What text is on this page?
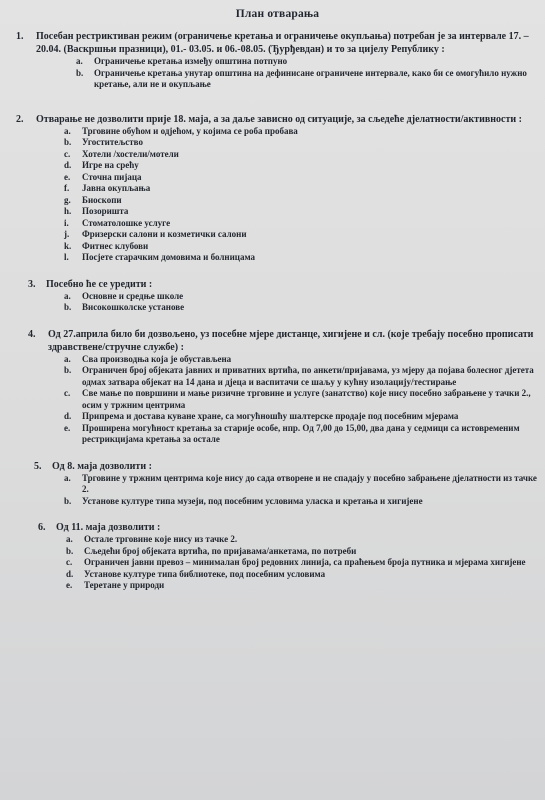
План отварања
1.	Посебан рестриктиван режим (ограничење кретања и ограничење окупљања) потребан је за интервале 17. – 20.04. (Васкршњи празници), 01.- 03.05. и 06.-08.05. (Ђурђевдан) и то за цијелу Републику :
a.	Ограничење кретања између општина потпуно
b.	Ограничење кретања унутар општина на дефинисане ограничене интервале, како би се омогућило нужно кретање, али не и окупљање
2.	Отварање не дозволити прије 18. маја, а за даље зависно од ситуације, за сљедеће дјелатности/активности :
a.	Трговине обућом и одјећом, у којима се роба пробава
b.	Угоститељство
c.	Хотели /хостели/мотели
d.	Игре на срећу
e.	Сточна пијаца
f.	Јавна окупљања
g.	Биоскопи
h.	Позоришта
i.	Стоматолошке услуге
j.	Фризерски салони и козметички салони
k.	Фитнес клубови
l.	Посјете старачким домовима и болницама
3.	Посебно ће се уредити :
a.	Основне и средње школе
b.	Високошколске установе
4.	Од 27.априла било би дозвољено, уз посебне мјере дистанце, хигијене и сл. (које требају посебно прописати здравствене/стручне службе) :
a.	Сва производња која је обустављена
b.	Ограничен број објеката јавних и приватних вртића, по анкети/пријавама, уз мјеру да појава болесног дјетета одмах затвара објекат на 14 дана и дјеца и васпитачи се шаљу у кућну изолацију/тестирање
c.	Све мање по површини и мање ризичне трговине и услуге (занатство) које нису посебно забрањене у тачки 2., осим у тржним центрима
d.	Припрема и достава куване хране, са могућношћу шалтерске продаје под посебним мјерама
e.	Проширена могућност кретања за старије особе, нпр. Од 7,00 до 15,00, два дана у седмици са истовременим рестрикцијама кретања за остале
5.	Од 8. маја дозволити :
a.	Трговине у тржним центрима које нису до сада отворене и не спадају у посебно забрањене дјелатности из тачке 2.
b.	Установе културе типа музеји, под посебним условима уласка и кретања и хигијене
6.	Од 11. маја дозволити :
a.	Остале трговине које нису из тачке 2.
b.	Сљедећи број објеката вртића, по пријавама/анкетама, по потреби
c.	Ограничен јавни превоз – минималан број редовних линија, са праћењем броја путника и мјерама хигијене
d.	Установе културе типа библиотеке, под посебним условима
e.	Теретане у природи
